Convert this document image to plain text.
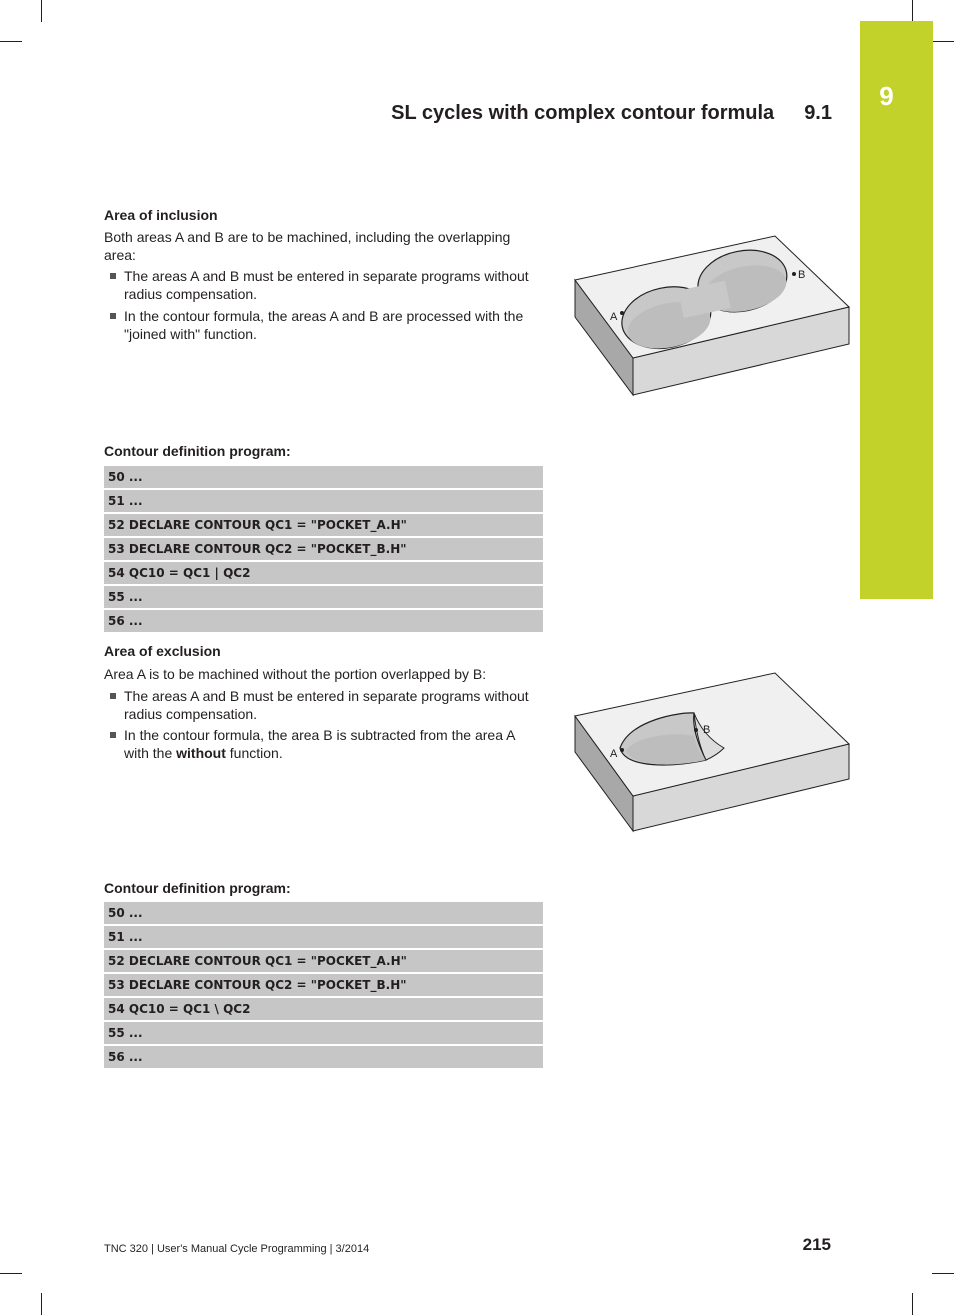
9
SL cycles with complex contour formula 9.1
Area of inclusion
Both areas A and B are to be machined, including the overlapping area:
The areas A and B must be entered in separate programs without radius compensation.
In the contour formula, the areas A and B are processed with the "joined with" function.
A
B
Contour definition program:
50 ...
51 ...
52 DECLARE CONTOUR QC1 = "POCKET_A.H"
53 DECLARE CONTOUR QC2 = "POCKET_B.H"
54 QC10 = QC1 | QC2
55 ...
56 ...
Area of exclusion
Area A is to be machined without the portion overlapped by B:
The areas A and B must be entered in separate programs without radius compensation.
In the contour formula, the area B is subtracted from the area A with the without function.	A
B
Contour definition program:
50 ...
51 ...
52 DECLARE CONTOUR QC1 = "POCKET_A.H"
53 DECLARE CONTOUR QC2 = "POCKET_B.H"
54 QC10 = QC1 \ QC2
55 ...
56 ...
TNC 320 | User's Manual Cycle Programming | 3/2014	215
